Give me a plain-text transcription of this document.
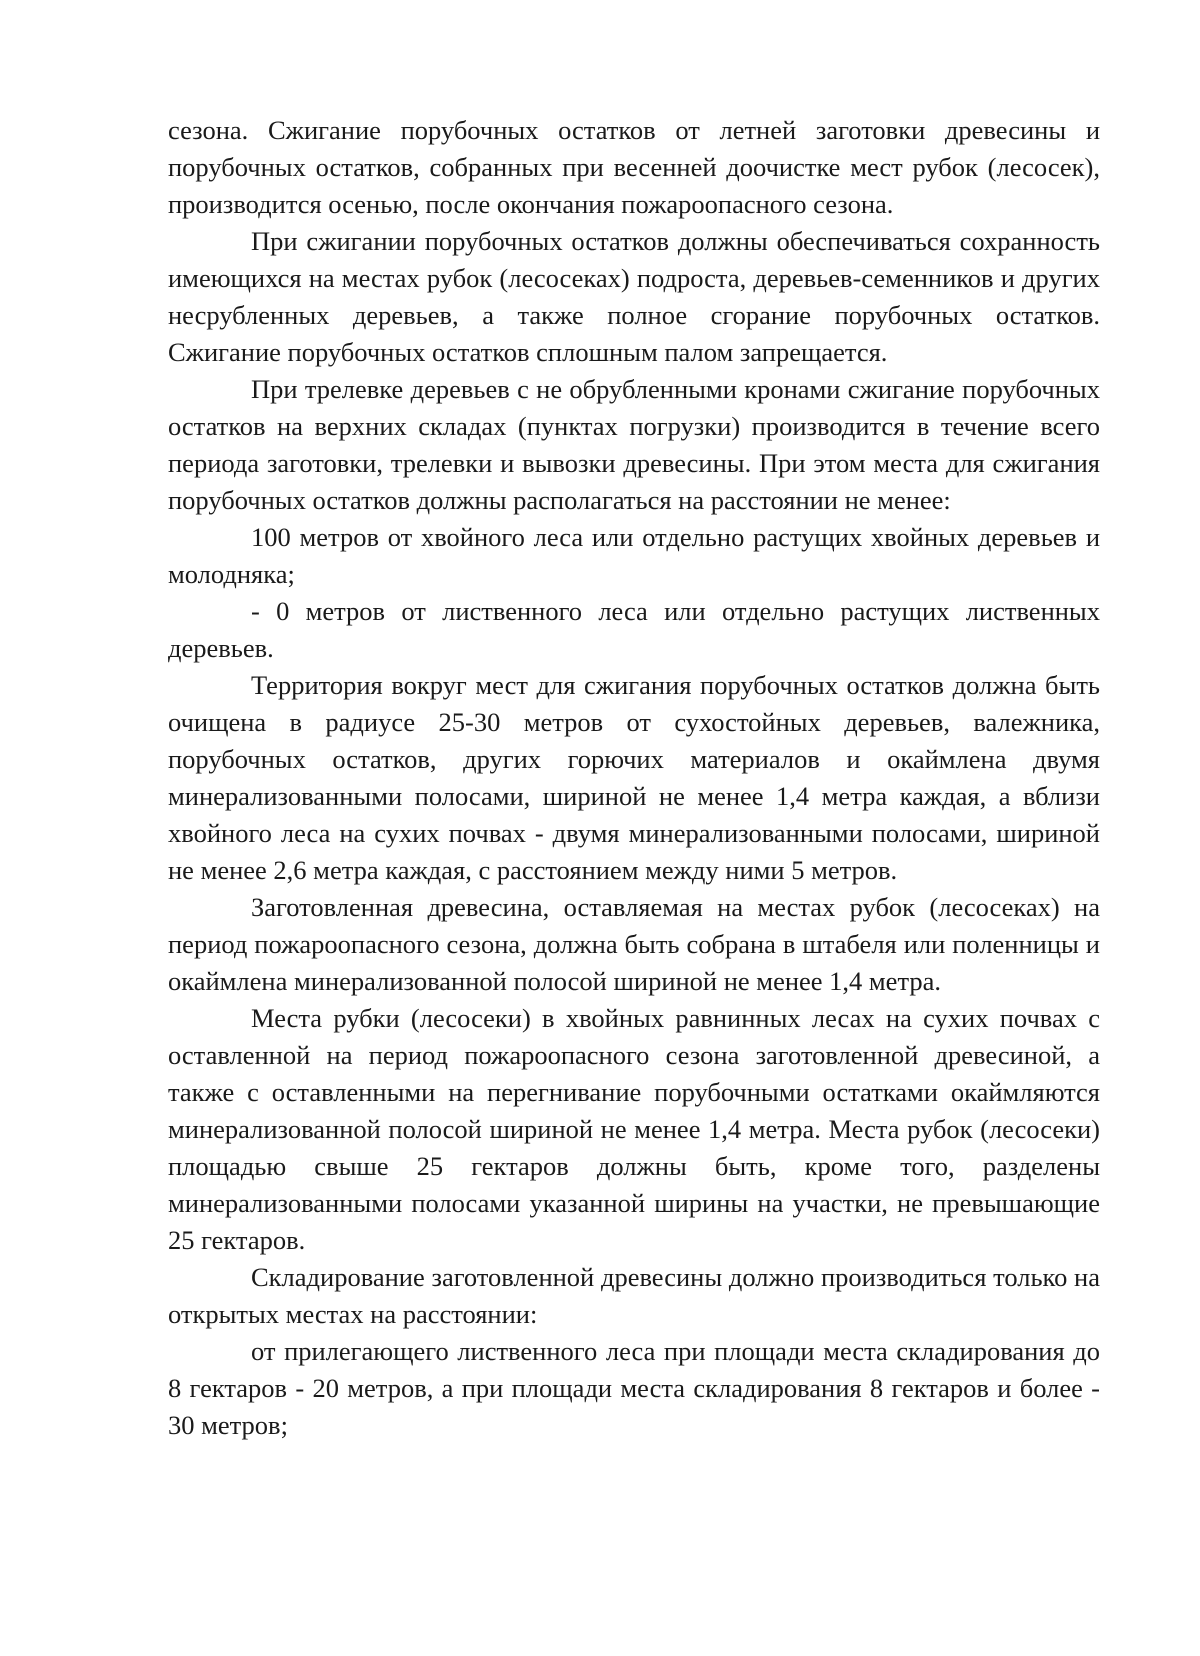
сезона. Сжигание порубочных остатков от летней заготовки древесины и порубочных остатков, собранных при весенней доочистке мест рубок (лесосек), производится осенью, после окончания пожароопасного сезона.

При сжигании порубочных остатков должны обеспечиваться сохранность имеющихся на местах рубок (лесосеках) подроста, деревьев-семенников и других несрубленных деревьев, а также полное сгорание порубочных остатков. Сжигание порубочных остатков сплошным палом запрещается.

При трелевке деревьев с не обрубленными кронами сжигание порубочных остатков на верхних складах (пунктах погрузки) производится в течение всего периода заготовки, трелевки и вывозки древесины. При этом места для сжигания порубочных остатков должны располагаться на расстоянии не менее:

100 метров от хвойного леса или отдельно растущих хвойных деревьев и молодняка;

- 0 метров от лиственного леса или отдельно растущих лиственных деревьев.

Территория вокруг мест для сжигания порубочных остатков должна быть очищена в радиусе 25-30 метров от сухостойных деревьев, валежника, порубочных остатков, других горючих материалов и окаймлена двумя минерализованными полосами, шириной не менее 1,4 метра каждая, а вблизи хвойного леса на сухих почвах - двумя минерализованными полосами, шириной не менее 2,6 метра каждая, с расстоянием между ними 5 метров.

Заготовленная древесина, оставляемая на местах рубок (лесосеках) на период пожароопасного сезона, должна быть собрана в штабеля или поленницы и окаймлена минерализованной полосой шириной не менее 1,4 метра.

Места рубки (лесосеки) в хвойных равнинных лесах на сухих почвах с оставленной на период пожароопасного сезона заготовленной древесиной, а также с оставленными на перегнивание порубочными остатками окаймляются минерализованной полосой шириной не менее 1,4 метра. Места рубок (лесосеки) площадью свыше 25 гектаров должны быть, кроме того, разделены минерализованными полосами указанной ширины на участки, не превышающие 25 гектаров.

Складирование заготовленной древесины должно производиться только на открытых местах на расстоянии:

от прилегающего лиственного леса при площади места складирования до 8 гектаров - 20 метров, а при площади места складирования 8 гектаров и более - 30 метров;
